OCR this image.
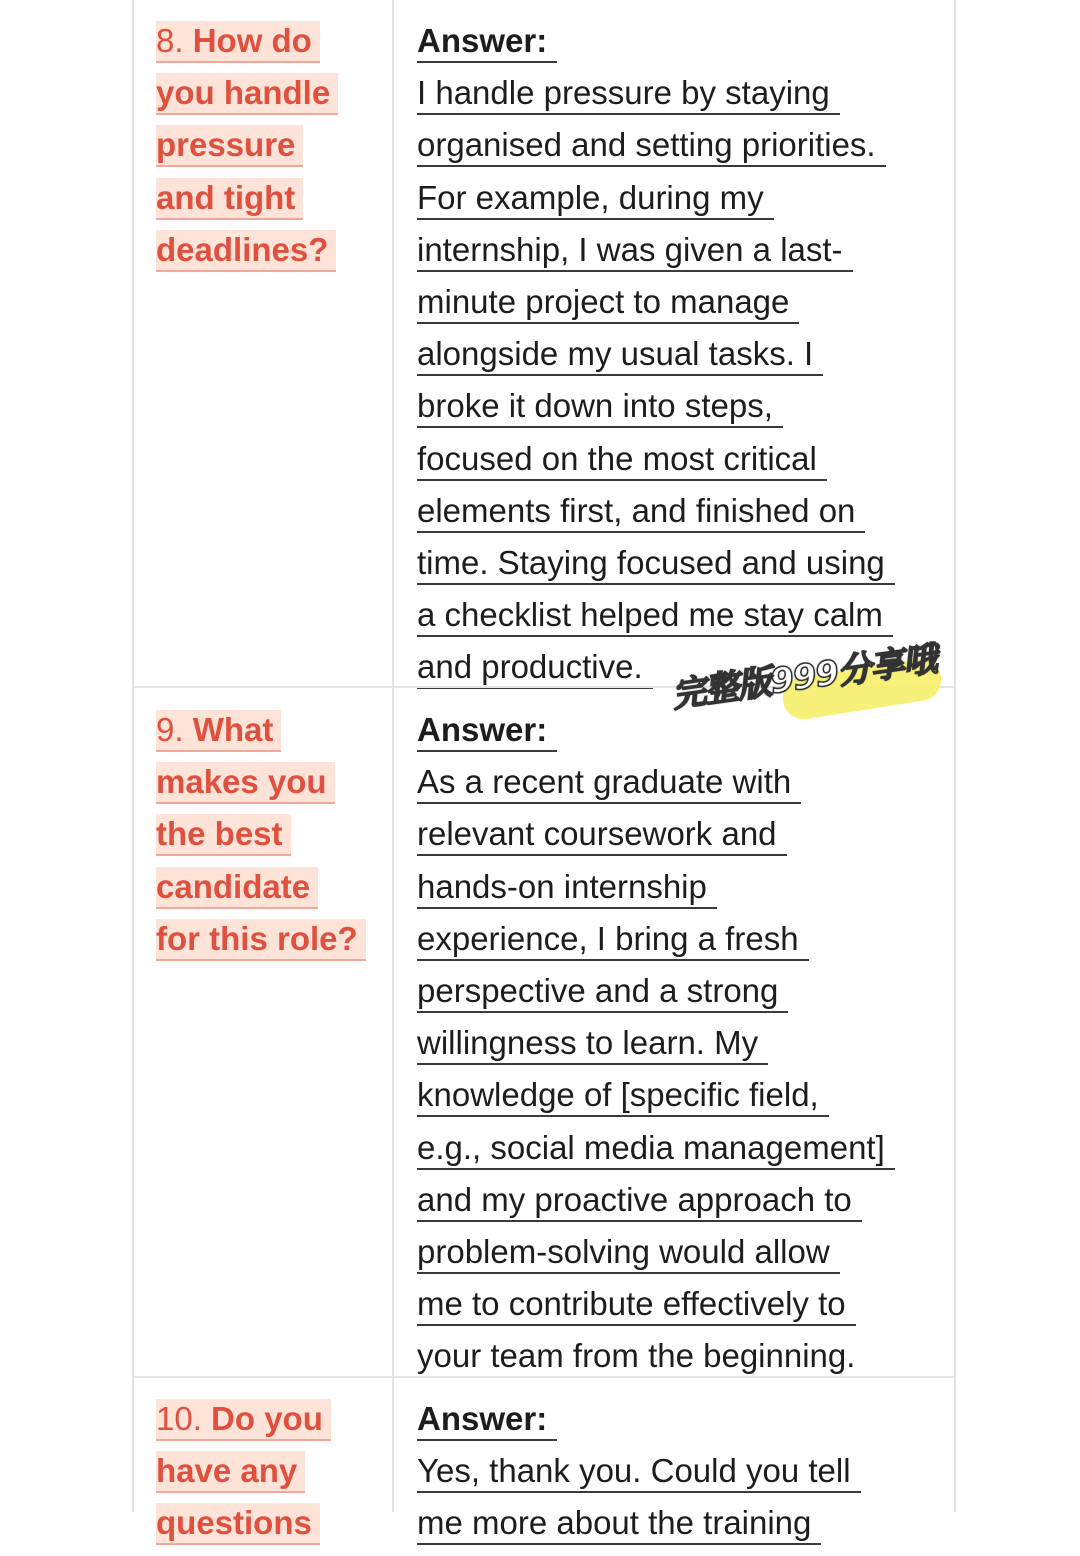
8. How do
you handle
pressure
and tight
deadlines?
Answer:
I handle pressure by staying
organised and setting priorities.
For example, during my
internship, I was given a last-
minute project to manage
alongside my usual tasks. I
broke it down into steps,
focused on the most critical
elements first, and finished on
time. Staying focused and using
a checklist helped me stay calm
and productive.
9. What
makes you
the best
candidate
for this role?
Answer:
As a recent graduate with
relevant coursework and
hands-on internship
experience, I bring a fresh
perspective and a strong
willingness to learn. My
knowledge of [specific field,
e.g., social media management]
and my proactive approach to
problem-solving would allow
me to contribute effectively to
your team from the beginning.
10. Do you
have any
questions
Answer:
Yes, thank you. Could you tell
me more about the training
完整版999分享哦
